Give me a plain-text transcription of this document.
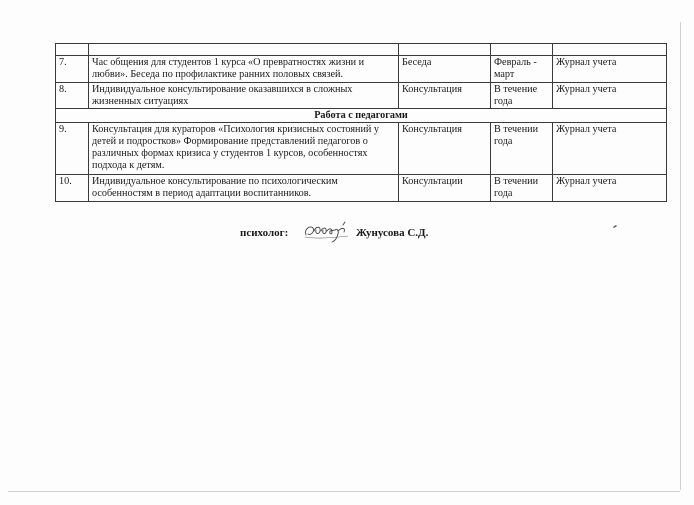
7.	Час общения для студентов 1 курса «О превратностях жизни и любви». Беседа по профилактике ранних половых связей.	Беседа	Февраль - март	Журнал учета
8.	Индивидуальное консультирование оказавшихся в сложных жизненных ситуациях	Консультация	В течение года	Журнал учета
Работа с педагогами				
9.	Консультация для кураторов «Психология кризисных состояний у детей и подростков» Формирование представлений педагогов о различных формах кризиса у студентов 1 курсов, особенностях подхода к детям.	Консультация	В течении года	Журнал учета
10.	Индивидуальное консультирование по психологическим особенностям в период адаптации воспитанников.	Консультации	В течении года	Журнал учета
психолог:	Жунусова С.Д.
